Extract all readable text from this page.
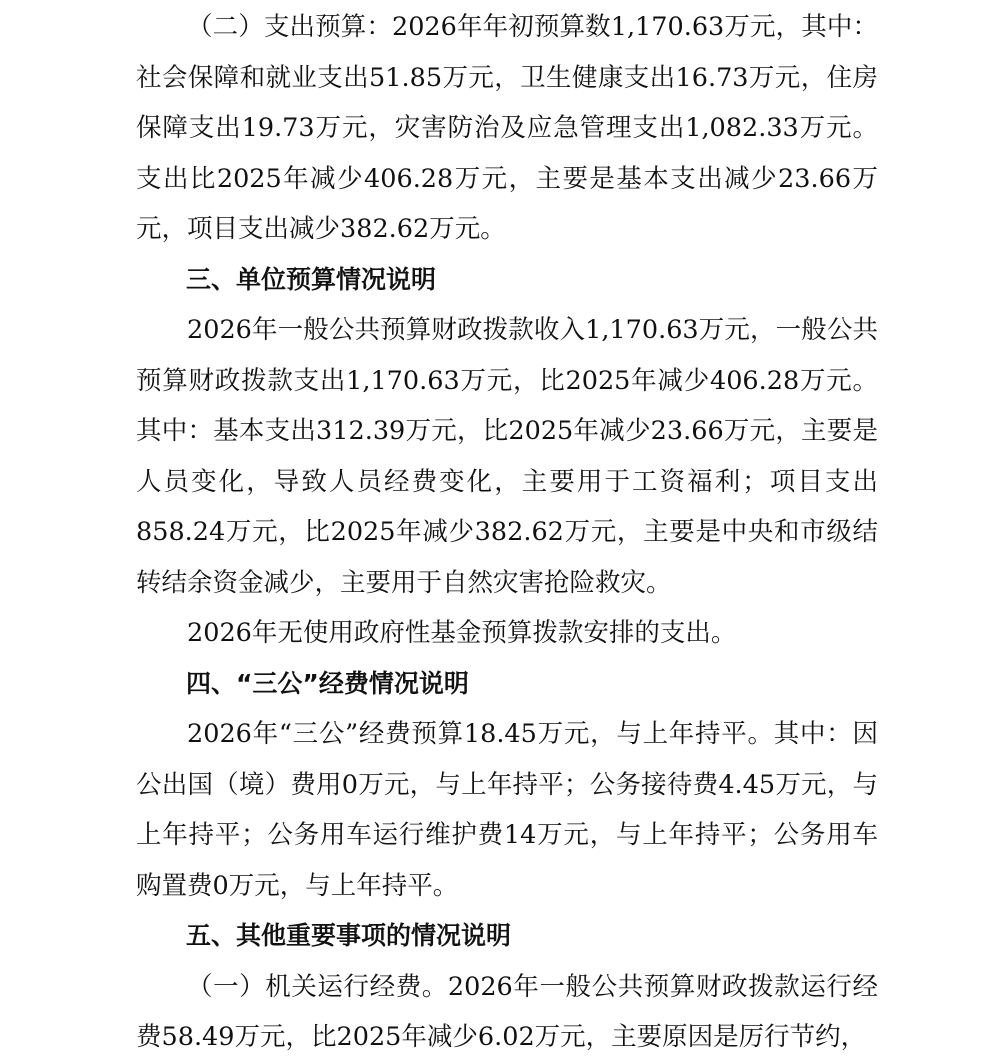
（二）支出预算：2026年年初预算数1,170.63万元，其中：社会保障和就业支出51.85万元，卫生健康支出16.73万元，住房保障支出19.73万元，灾害防治及应急管理支出1,082.33万元。支出比2025年减少406.28万元，主要是基本支出减少23.66万元，项目支出减少382.62万元。

三、单位预算情况说明

2026年一般公共预算财政拨款收入1,170.63万元，一般公共预算财政拨款支出1,170.63万元，比2025年减少406.28万元。其中：基本支出312.39万元，比2025年减少23.66万元，主要是人员变化，导致人员经费变化，主要用于工资福利；项目支出858.24万元，比2025年减少382.62万元，主要是中央和市级结转结余资金减少，主要用于自然灾害抢险救灾。

2026年无使用政府性基金预算拨款安排的支出。

四、“三公”经费情况说明

2026年“三公”经费预算18.45万元，与上年持平。其中：因公出国（境）费用0万元，与上年持平；公务接待费4.45万元，与上年持平；公务用车运行维护费14万元，与上年持平；公务用车购置费0万元，与上年持平。

五、其他重要事项的情况说明

（一）机关运行经费。2026年一般公共预算财政拨款运行经费58.49万元，比2025年减少6.02万元，主要原因是厉行节约，
